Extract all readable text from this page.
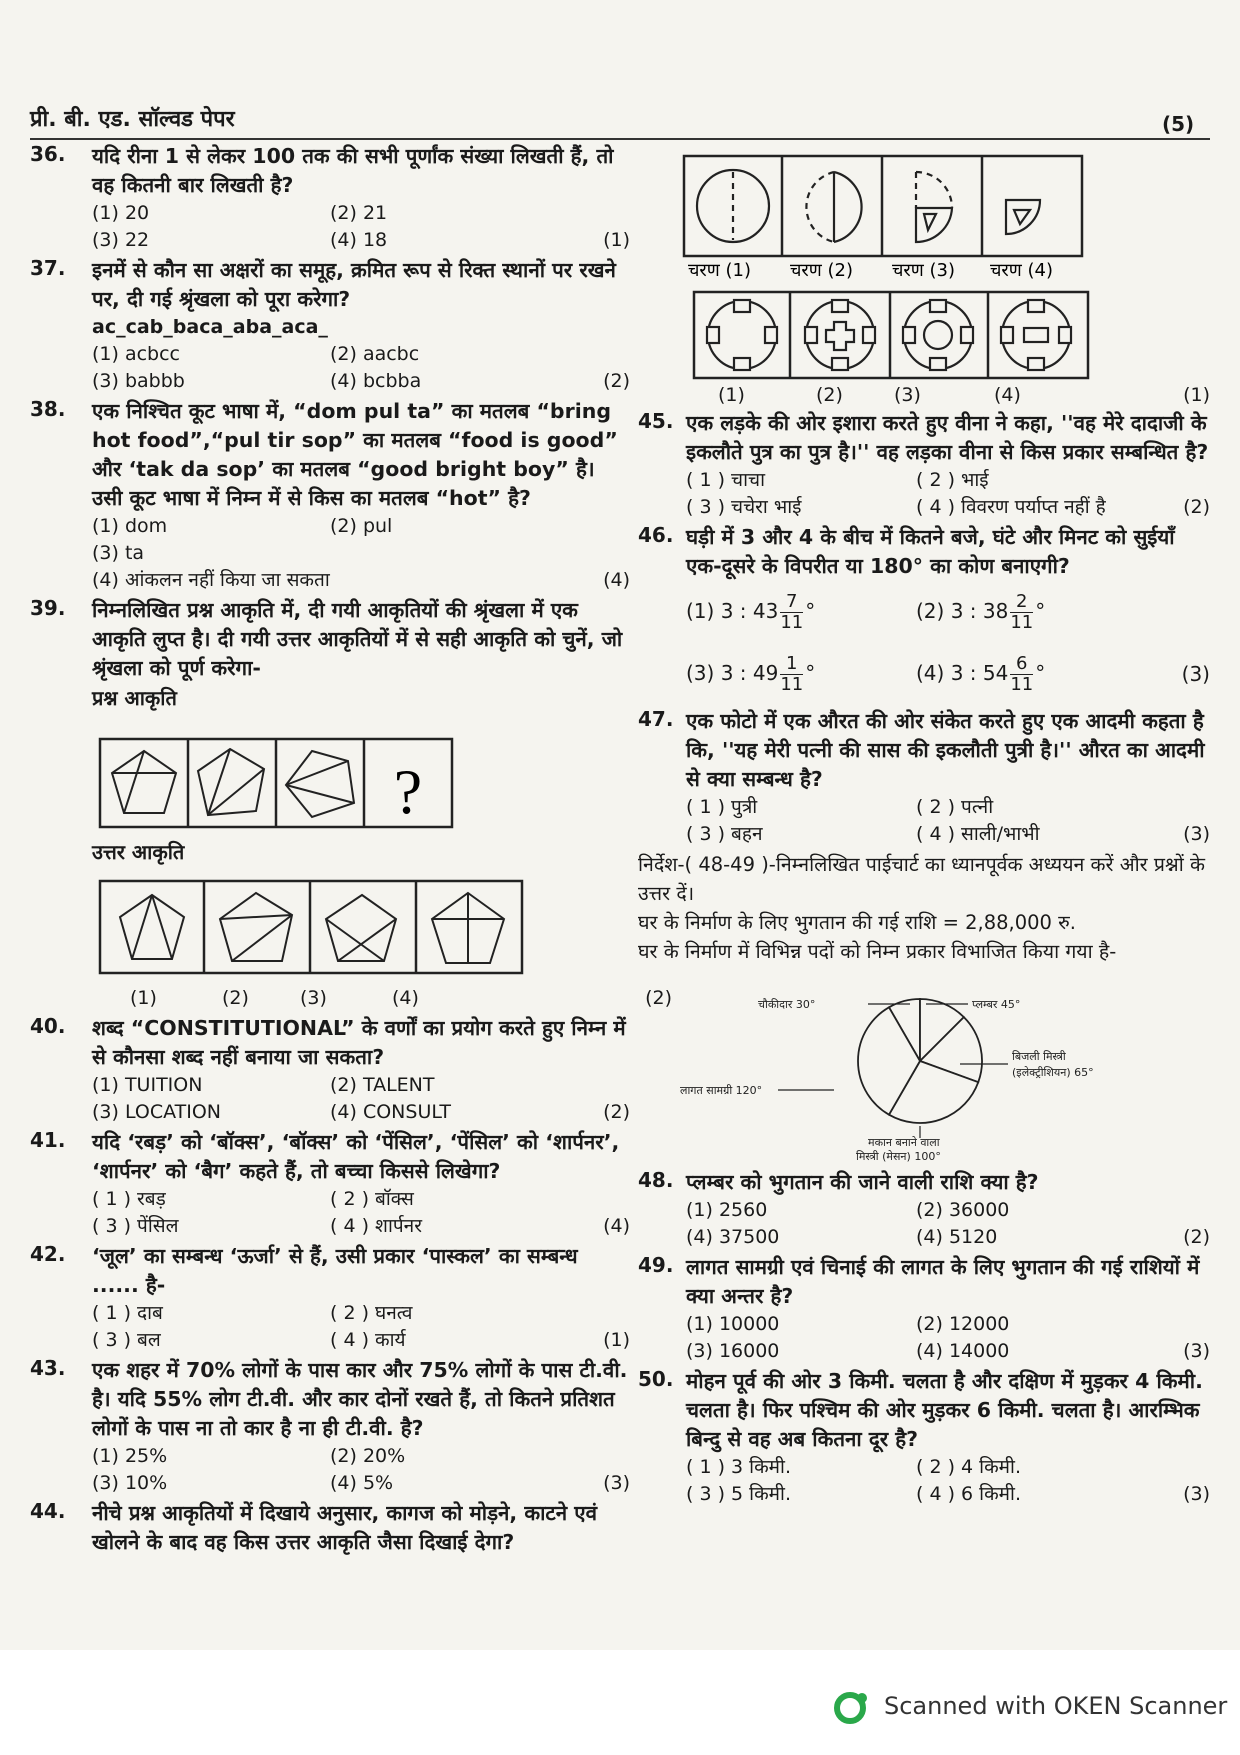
प्री. बी. एड. सॉल्वड पेपर	(5)
36. यदि रीना 1 से लेकर 100 तक की सभी पूर्णांक संख्या लिखती हैं, तो वह कितनी बार लिखती है?
(1) 20	(2) 21
(3) 22	(4) 18	(1)
37. इनमें से कौन सा अक्षरों का समूह, क्रमित रूप से रिक्त स्थानों पर रखने पर, दी गई श्रृंखला को पूरा करेगा?
ac_cab_baca_aba_aca_
(1) acbcc	(2) aacbc
(3) babbb	(4) bcbba	(2)
38. एक निश्चित कूट भाषा में, “dom pul ta” का मतलब “bring hot food”,“pul tir sop” का मतलब “food is good” और ‘tak da sop’ का मतलब “good bright boy” है। उसी कूट भाषा में निम्न में से किस का मतलब “hot” है?
(1) dom	(2) pul
(3) ta
(4) आंकलन नहीं किया जा सकता	(4)
39. निम्नलिखित प्रश्न आकृति में, दी गयी आकृतियों की श्रृंखला में एक आकृति लुप्त है। दी गयी उत्तर आकृतियों में से सही आकृति को चुनें, जो श्रृंखला को पूर्ण करेगा-
प्रश्न आकृति
?
उत्तर आकृति
(1)	(2)	(3)	(4)	(2)
40. शब्द “CONSTITUTIONAL” के वर्णों का प्रयोग करते हुए निम्न में से कौनसा शब्द नहीं बनाया जा सकता?
(1) TUITION	(2) TALENT
(3) LOCATION	(4) CONSULT	(2)
41. यदि ‘रबड़’ को ‘बॉक्स’, ‘बॉक्स’ को ‘पेंसिल’, ‘पेंसिल’ को ‘शार्पनर’, ‘शार्पनर’ को ‘बैग’ कहते हैं, तो बच्चा किससे लिखेगा?
( 1 ) रबड़	( 2 ) बॉक्स
( 3 ) पेंसिल	( 4 ) शार्पनर	(4)
42. ‘जूल’ का सम्बन्ध ‘ऊर्जा’ से हैं, उसी प्रकार ‘पास्कल’ का सम्बन्ध ...... है-
( 1 ) दाब	( 2 ) घनत्व
( 3 ) बल	( 4 ) कार्य	(1)
43. एक शहर में 70% लोगों के पास कार और 75% लोगों के पास टी.वी. है। यदि 55% लोग टी.वी. और कार दोनों रखते हैं, तो कितने प्रतिशत लोगों के पास ना तो कार है ना ही टी.वी. है?
(1) 25%	(2) 20%
(3) 10%	(4) 5%	(3)
44. नीचे प्रश्न आकृतियों में दिखाये अनुसार, कागज को मोड़ने, काटने एवं खोलने के बाद वह किस उत्तर आकृति जैसा दिखाई देगा?
चरण (1) चरण (2) चरण (3) चरण (4)
(1)	(2)	(3)	(4)	(1)
45. एक लड़के की ओर इशारा करते हुए वीना ने कहा, ''वह मेरे दादाजी के इकलौते पुत्र का पुत्र है।'' वह लड़का वीना से किस प्रकार सम्बन्धित है?
( 1 ) चाचा	( 2 ) भाई
( 3 ) चचेरा भाई	( 4 ) विवरण पर्याप्त नहीं है	(2)
46. घड़ी में 3 और 4 के बीच में कितने बजे, घंटे और मिनट को सुईयाँ एक-दूसरे के विपरीत या 180° का कोण बनाएगी?
(1) 3 : $43 \frac{7}{11}$ °	(2) 3 : $38 \frac{2}{11}$ °
(3) 3 : $49 \frac{1}{11}$ °	(4) 3 : $54 \frac{6}{11}$ °	(3)
47. एक फोटो में एक औरत की ओर संकेत करते हुए एक आदमी कहता है कि, ''यह मेरी पत्नी की सास की इकलौती पुत्री है।'' औरत का आदमी से क्या सम्बन्ध है?
( 1 ) पुत्री	( 2 ) पत्नी
( 3 ) बहन	( 4 ) साली/भाभी	(3)
निर्देश-( 48-49 )-निम्नलिखित पाईचार्ट का ध्यानपूर्वक अध्ययन करें और प्रश्नों के उत्तर दें।
घर के निर्माण के लिए भुगतान की गई राशि = 2,88,000 रु.
घर के निर्माण में विभिन्न पदों को निम्न प्रकार विभाजित किया गया है-
चौकीदार 30°	प्लम्बर 45°
बिजली मिस्त्री
(इलेक्ट्रीशियन) 65°
लागत सामग्री 120°
मकान बनाने वाला
मिस्त्री (मेसन) 100°
48. प्लम्बर को भुगतान की जाने वाली राशि क्या है?
(1) 2560	(2) 36000
(4) 37500	(4) 5120	(2)
49. लागत सामग्री एवं चिनाई की लागत के लिए भुगतान की गई राशियों में क्या अन्तर है?
(1) 10000	(2) 12000
(3) 16000	(4) 14000	(3)
50. मोहन पूर्व की ओर 3 किमी. चलता है और दक्षिण में मुड़कर 4 किमी. चलता है। फिर पश्चिम की ओर मुड़कर 6 किमी. चलता है। आरम्भिक बिन्दु से वह अब कितना दूर है?
( 1 ) 3 किमी.	( 2 ) 4 किमी.
( 3 ) 5 किमी.	( 4 ) 6 किमी.	(3)
Scanned with OKEN Scanner
